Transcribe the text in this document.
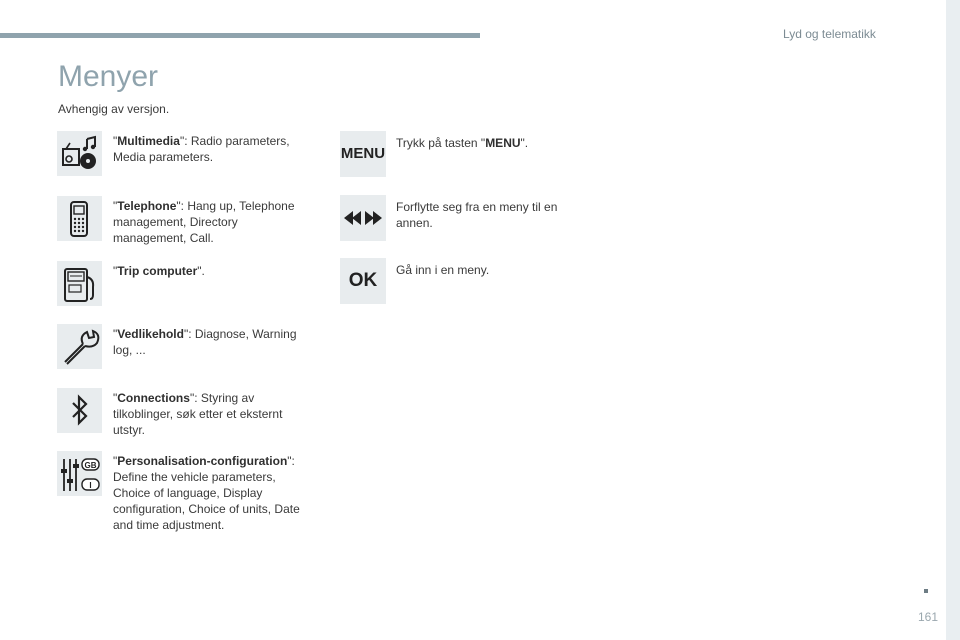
Lyd og telematikk
Menyer
Avhengig av versjon.
"Multimedia": Radio parameters, Media parameters.
"Telephone": Hang up, Telephone management, Directory management, Call.
"Trip computer".
"Vedlikehold": Diagnose, Warning log, ...
"Connections": Styring av tilkoblinger, søk etter et eksternt utstyr.
GB
I
"Personalisation-configuration": Define the vehicle parameters, Choice of language, Display configuration, Choice of units, Date and time adjustment.
MENU
Trykk på tasten "MENU".
Forflytte seg fra en meny til en annen.
OK	Gå inn i en meny.
161
